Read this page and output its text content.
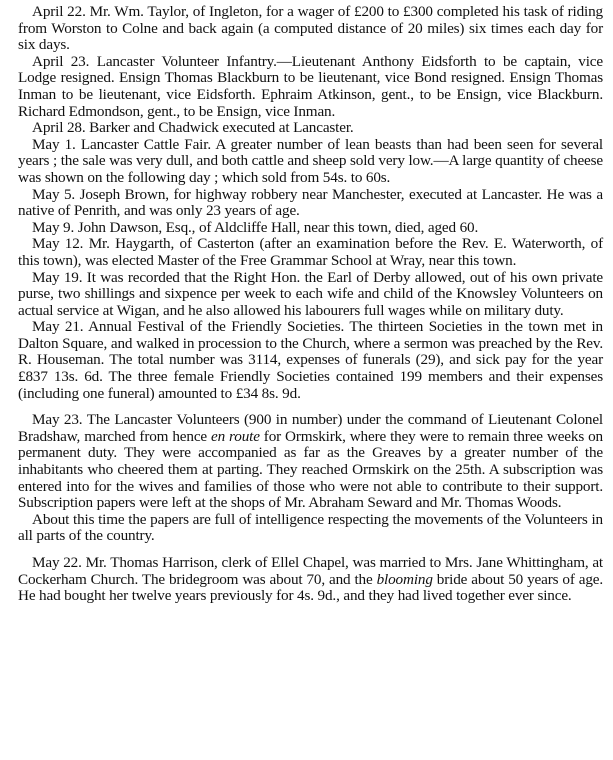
April 22. Mr. Wm. Taylor, of Ingleton, for a wager of £200 to £300 completed his task of riding from Worston to Colne and back again (a computed distance of 20 miles) six times each day for six days.

April 23. Lancaster Volunteer Infantry.—Lieutenant Anthony Eidsforth to be captain, vice Lodge resigned. Ensign Thomas Blackburn to be lieutenant, vice Bond resigned. Ensign Thomas Inman to be lieutenant, vice Eidsforth. Ephraim Atkinson, gent., to be Ensign, vice Blackburn. Richard Edmondson, gent., to be Ensign, vice Inman.

April 28. Barker and Chadwick executed at Lancaster.

May 1. Lancaster Cattle Fair. A greater number of lean beasts than had been seen for several years ; the sale was very dull, and both cattle and sheep sold very low.—A large quantity of cheese was shown on the following day ; which sold from 54s. to 60s.

May 5. Joseph Brown, for highway robbery near Manchester, executed at Lancaster. He was a native of Penrith, and was only 23 years of age.

May 9. John Dawson, Esq., of Aldcliffe Hall, near this town, died, aged 60.

May 12. Mr. Haygarth, of Casterton (after an examination before the Rev. E. Waterworth, of this town), was elected Master of the Free Grammar School at Wray, near this town.

May 19. It was recorded that the Right Hon. the Earl of Derby allowed, out of his own private purse, two shillings and sixpence per week to each wife and child of the Knowsley Volunteers on actual service at Wigan, and he also allowed his labourers full wages while on military duty.

May 21. Annual Festival of the Friendly Societies. The thirteen Societies in the town met in Dalton Square, and walked in procession to the Church, where a sermon was preached by the Rev. R. Houseman. The total number was 3114, expenses of funerals (29), and sick pay for the year £837 13s. 6d. The three female Friendly Societies contained 199 members and their expenses (including one funeral) amounted to £34 8s. 9d.

May 23. The Lancaster Volunteers (900 in number) under the command of Lieutenant Colonel Bradshaw, marched from hence en route for Ormskirk, where they were to remain three weeks on permanent duty. They were accompanied as far as the Greaves by a greater number of the inhabitants who cheered them at parting. They reached Ormskirk on the 25th. A subscription was entered into for the wives and families of those who were not able to contribute to their support. Subscription papers were left at the shops of Mr. Abraham Seward and Mr. Thomas Woods.

About this time the papers are full of intelligence respecting the movements of the Volunteers in all parts of the country.

May 22. Mr. Thomas Harrison, clerk of Ellel Chapel, was married to Mrs. Jane Whittingham, at Cockerham Church. The bridegroom was about 70, and the blooming bride about 50 years of age. He had bought her twelve years previously for 4s. 9d., and they had lived together ever since.
